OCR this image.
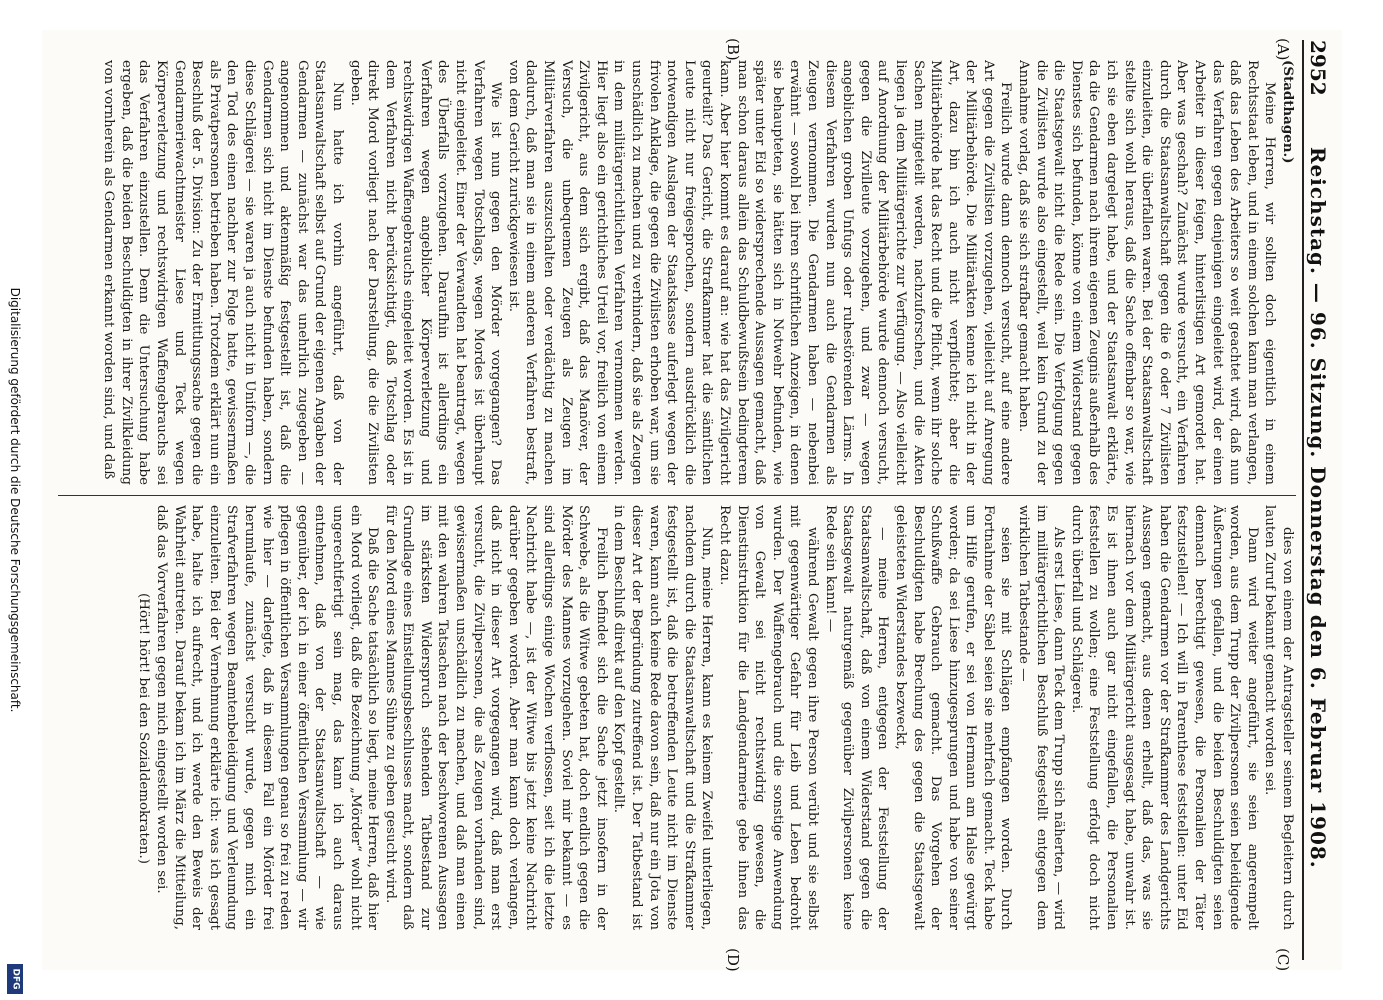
Digitalisierung gefördert durch die Deutsche Forschungsgemeinschaft.
DFG
2952
Reichstag. — 96. Sitzung. Donnerstag den 6. Februar 1908.
(A)
(B)
(C)
(D)
(Stadthagen.)

Meine Herren, wir sollten doch eigentlich in einem Rechtsstaat leben, und in einem solchen kann man verlangen, daß das Leben des Arbeiters so weit geachtet wird, daß nun das Verfahren gegen denjenigen eingeleitet wird, der einen Arbeiter in dieser feigen, hinterlistigen Art gemordet hat. Aber was geschah? Zunächst wurde versucht, ein Verfahren durch die Staatsanwaltschaft gegen die 6 oder 7 Zivilisten einzuleiten, die überfallen waren. Bei der Staatsanwaltschaft stellte sich wohl heraus, daß die Sache offenbar so war, wie ich sie eben dargelegt habe, und der Staatsanwalt erklärte, da die Gendarmen nach ihrem eigenen Zeugnis außerhalb des Dienstes sich befunden, könne von einem Widerstand gegen die Staatsgewalt nicht die Rede sein. Die Verfolgung gegen die Zivilisten wurde also eingestellt, weil kein Grund zu der Annahme vorlag, daß sie sich strafbar gemacht haben.

Freilich wurde dann dennoch versucht, auf eine andere Art gegen die Zivilisten vorzugehen, vielleicht auf Anregung der Militärbehörde. Die Militärakten kenne ich nicht in der Art, dazu bin ich auch nicht verpflichtet; aber die Militärbehörde hat das Recht und die Pflicht, wenn ihr solche Sachen mitgeteilt werden, nachzuforschen, und die Akten liegen ja dem Militärgerichte zur Verfügung. — Also vielleicht auf Anordnung der Militärbehörde wurde dennoch versucht, gegen die Zivilleute vorzugehen, und zwar — wegen angeblichen groben Unfugs oder ruhestörenden Lärms. In diesem Verfahren wurden nun auch die Gendarmen als Zeugen vernommen. Die Gendarmen haben — nebenbei erwähnt — sowohl bei ihren schriftlichen Anzeigen, in denen sie behaupteten, sie hätten sich in Notwehr befunden, wie später unter Eid so widersprechende Aussagen gemacht, daß man schon daraus allein das Schuldbewußtsein bedingterem kann. Aber hier kommt es darauf an: wie hat das Zivilgericht geurteilt? Das Gericht, die Strafkammer hat die sämtlichen Leute nicht nur freigesprochen, sondern ausdrücklich die notwendigen Auslagen der Staatskasse auferlegt wegen der frivolen Anklage, die gegen die Zivilisten erhoben war, um sie unschädlich zu machen und zu verhindern, daß sie als Zeugen in dem militärgerichtlichen Verfahren vernommen werden. Hier liegt also ein gerichtliches Urteil vor, freilich von einem Zivilgericht, aus dem sich ergibt, daß das Manöver, der Versuch, die unbequemen Zeugen als Zeugen im Militärverfahren auszuschalten oder verdächtig zu machen dadurch, daß man sie in einem anderen Verfahren bestraft, von dem Gericht zurückgewiesen ist.

Wie ist nun gegen den Mörder vorgegangen? Das Verfahren wegen Totschlags, wegen Mordes ist überhaupt nicht eingeleitet. Einer der Verwandten hat beantragt, wegen des Überfalls vorzugehen. Daraufhin ist allerdings ein Verfahren wegen angeblicher Körperverletzung und rechtswidrigen Waffengebrauchs eingeleitet worden. Es ist in dem Verfahren nicht berücksichtigt, daß Totschlag oder direkt Mord vorliegt nach der Darstellung, die die Zivilisten geben.

Nun hatte ich vorhin angeführt, daß von der Staatsanwaltschaft selbst auf Grund der eigenen Angaben der Gendarmen — zunächst war das unehrlich zugegeben — angenommen und aktenmäßig festgestellt ist, daß die Gendarmen sich nicht im Dienste befunden haben, sondern diese Schlägerei — sie waren ja auch nicht in Uniform —, die den Tod des einen nachher zur Folge hatte, gewissermaßen als Privatpersonen betrieben haben. Trotzdem erklärt nun ein Beschluß der 5. Division: Zu der Ermittlungssache gegen die Gendarmeriewachtmeister Liese und Teck wegen Körperverletzung und rechtswidrigen Waffengebrauchs sei das Verfahren einzustellen. Denn die Untersuchung habe ergeben, daß die beiden Beschuldigten in ihrer Zivilkleidung von vornherein als Gendarmen erkannt worden sind, und daß

dies von einem der Antragsteller seinem Begleitern durch lauten Zuruf bekannt gemacht worden sei.

Dann wird weiter angeführt, sie seien angerempelt worden, aus dem Trupp der Zivilpersonen seien beleidigende Äußerungen gefallen, und die beiden Beschuldigten seien demnach berechtigt gewesen, die Personalien der Täter festzustellen! — Ich will in Parenthese feststellen: unter Eid haben die Gendarmen vor der Strafkammer des Landgerichts Aussagen gemacht, aus denen erhellt, daß das, was sie hiernach vor dem Militärgericht ausgesagt habe, unwahr ist. Es ist ihnen auch gar nicht eingefallen, die Personalien feststellen zu wollen; eine Feststellung erfolgt doch nicht durch überfall und Schlägerei.

Als erst Liese, dann Teck dem Trupp sich näherten, — wird im militärgerichtlichen Beschluß festgestellt entgegen dem wirklichen Tatbestande —

seien sie mit Schlägen empfangen worden. Durch Fortnahme der Säbel seien sie mehrfach gemacht. Teck habe um Hilfe gerufen, er sei von Hermann am Halse gewürgt worden; da sei Liese hinzugesprungen und habe von seiner Schußwaffe Gebrauch gemacht. Das Vorgehen der Beschuldigten habe Brechung des gegen die Staatsgewalt geleisteten Widerstandes bezweckt,

— meine Herren, entgegen der Feststellung der Staatsanwaltschaft, daß von einem Widerstand gegen die Staatsgewalt naturgemäß gegenüber Zivilpersonen keine Rede sein kann! —

während Gewalt gegen ihre Person verübt und sie selbst mit gegenwärtiger Gefahr für Leib und Leben bedroht wurden. Der Waffengebrauch und die sonstige Anwendung von Gewalt sei nicht rechtswidrig gewesen, die Dienstinstruktion für die Landgendarmerie gebe ihnen das Recht dazu.

Nun, meine Herren, kann es keinem Zweifel unterliegen, nachdem durch die Staatsanwaltschaft und die Strafkammer festgestellt ist, daß die betreffenden Leute nicht im Dienste waren, kann auch keine Rede davon sein, daß nur ein Jota von dieser Art der Begründung zutreffend ist. Der Tatbestand ist in dem Beschluß direkt auf den Kopf gestellt.

Freilich befindet sich die Sache jetzt insofern in der Schwebe, als die Witwe gebeten hat, doch endlich gegen die Mörder des Mannes vorzugehen. Soviel mir bekannt — es sind allerdings einige Wochen verflossen, seit ich die letzte Nachricht habe —, ist der Witwe bis jetzt keine Nachricht darüber gegeben worden. Aber man kann doch verlangen, daß nicht in dieser Art vorgegangen wird, daß man erst versucht, die Zivilpersonen, die als Zeugen vorhanden sind, gewissermaßen unschädlich zu machen, und daß man einen mit den wahren Tatsachen nach der beschworenen Aussagen im stärksten Widerspruch stehenden Tatbestand zur Grundlage eines Einstellungsbeschlusses macht, sondern daß für den Mord eines Mannes Sühne zu geben gesucht wird.

Daß die Sache tatsächlich so liegt, meine Herren, daß hier ein Mord vorliegt, daß die Bezeichnung „Mörder“ wohl nicht ungerechtfertigt sein mag, das kann ich auch daraus entnehmen, daß von der Staatsanwaltschaft — wie gegenüber, der ich in einer öffentlichen Versammlung — wir pflegen in öffentlichen Versammlungen genau so frei zu reden wie hier — darlegte, daß in diesem Fall ein Mörder frei herumlaufe, zunächst versucht wurde, gegen mich ein Strafverfahren wegen Beamtenbeleidigung und Verleumdung einzuleiten. Bei der Vernehmung erklärte ich: was ich gesagt habe, halte ich aufrecht, und ich werde den Beweis der Wahrheit antreten. Darauf bekam ich im März die Mitteilung, daß das Vorverfahren gegen mich eingestellt worden sei.

(Hört! hört! bei den Sozialdemokraten.)
